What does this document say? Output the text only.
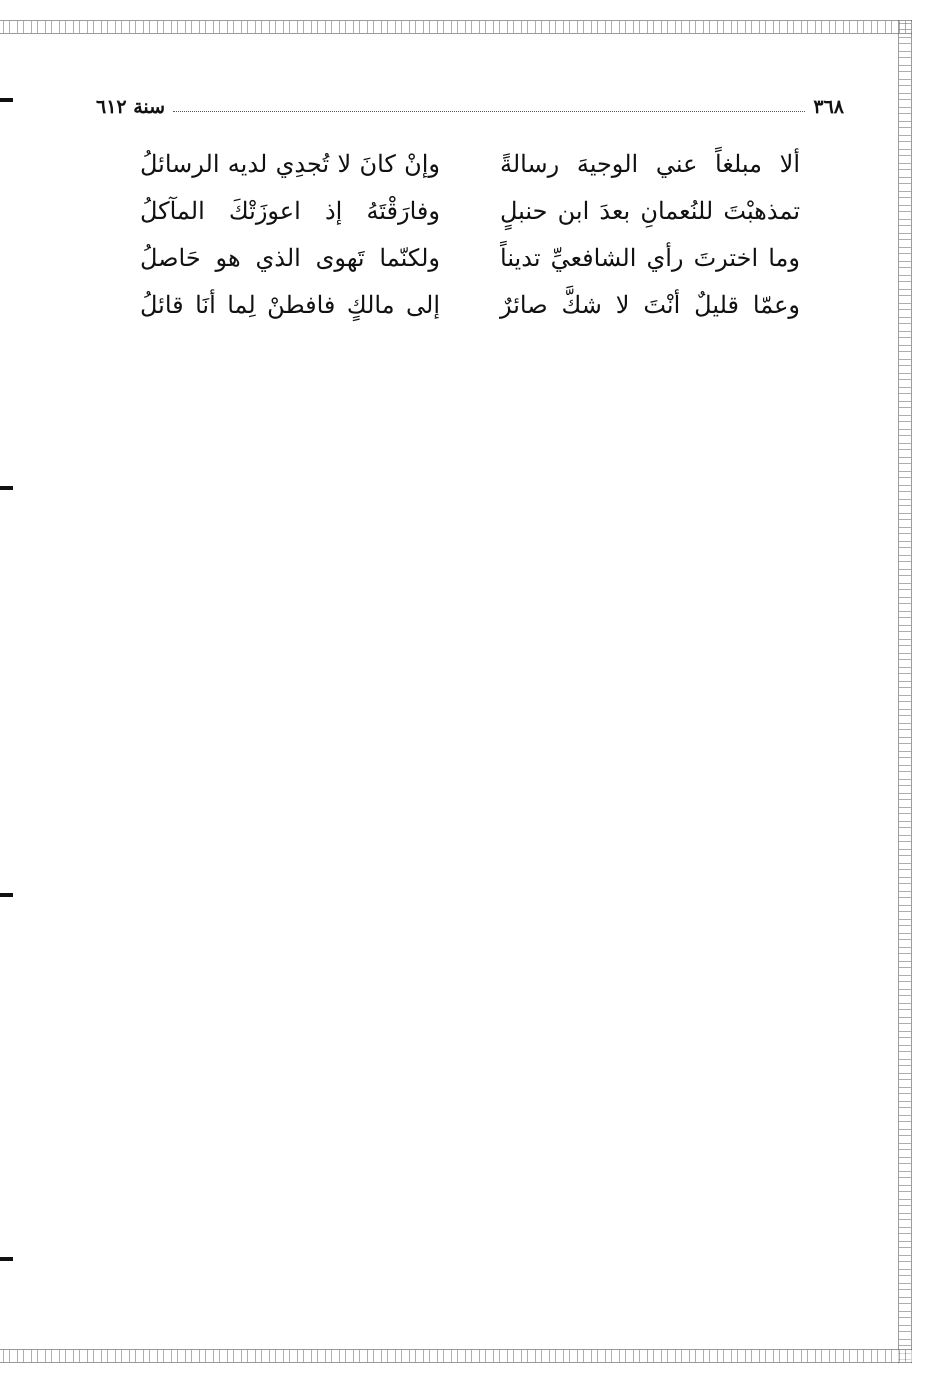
٣٦٨
سنة ٦١٢
ألا مبلغاً عني الوجيهَ رسالةً
وإنْ كانَ لا تُجدِي لديه الرسائلُ
تمذهبْتَ للنُعمانِ بعدَ ابن حنبلٍ
وفارَقْتَهُ إذ اعوزَتْكَ المآكلُ
وما اخترتَ رأي الشافعيِّ تديناً
ولكنّما تَهوى الذي هو حَاصلُ
وعمّا قليلٌ أنْتَ لا شكَّ صائرٌ
إلى مالكٍ فافطنْ لِما أنَا قائلُ
